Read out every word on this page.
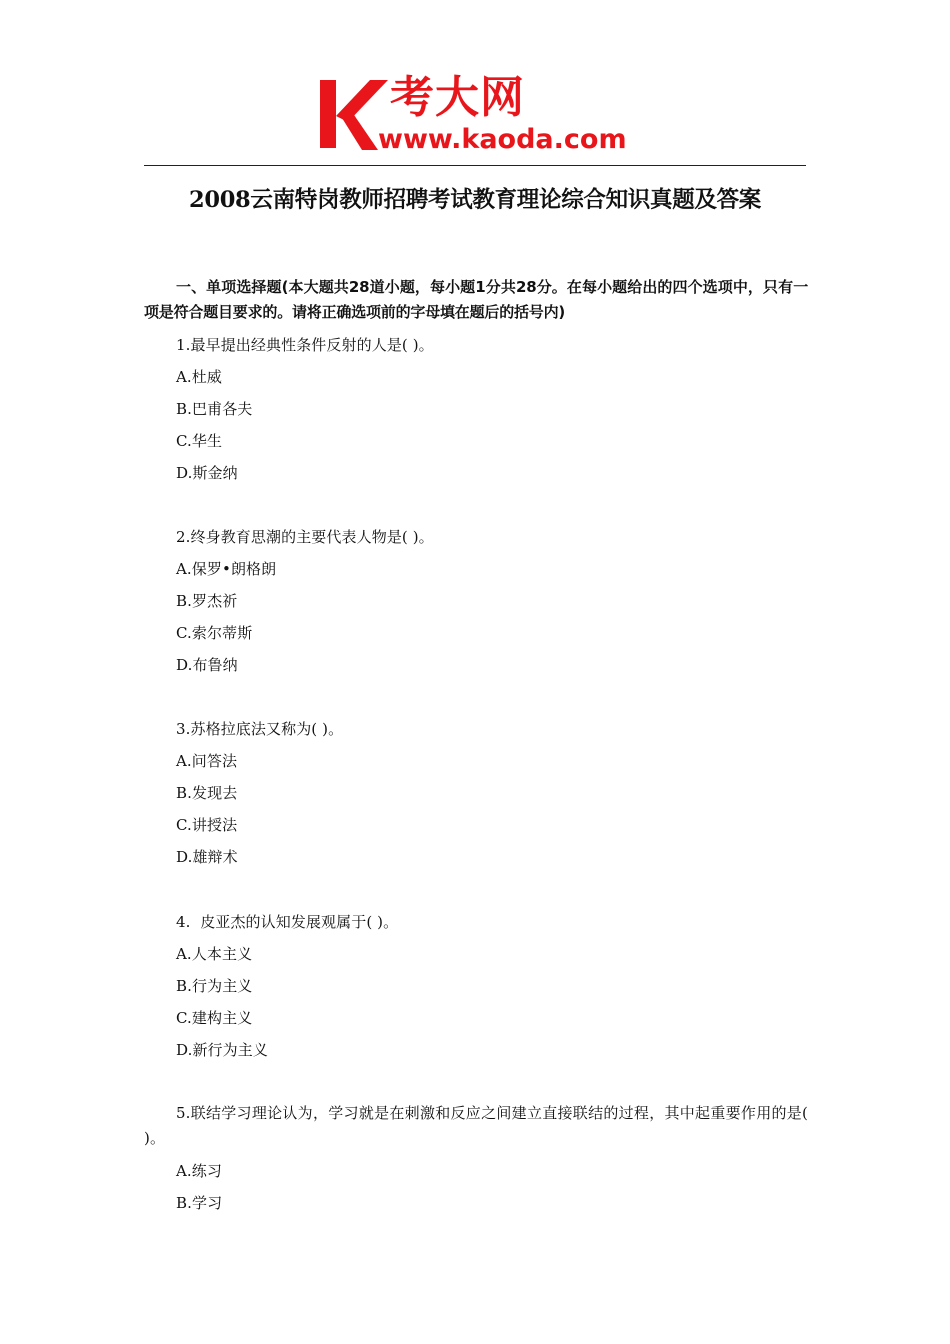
考大网
www.kaoda.com
2008云南特岗教师招聘考试教育理论综合知识真题及答案
一、单项选择题(本大题共28道小题，每小题1分共28分。在每小题给出的四个选项中，只有一项是符合题目要求的。请将正确选项前的字母填在题后的括号内)
1.最早提出经典性条件反射的人是( )。
A.杜威
B.巴甫各夫
C.华生
D.斯金纳
2.终身教育思潮的主要代表人物是( )。
A.保罗•朗格朗
B.罗杰祈
C.索尔蒂斯
D.布鲁纳
3.苏格拉底法又称为( )。
A.问答法
B.发现去
C.讲授法
D.雄辩术
4.  皮亚杰的认知发展观属于( )。
A.人本主义
B.行为主义
C.建构主义
D.新行为主义
5.联结学习理论认为，学习就是在刺激和反应之间建立直接联结的过程，其中起重要作用的是( )。
A.练习
B.学习
